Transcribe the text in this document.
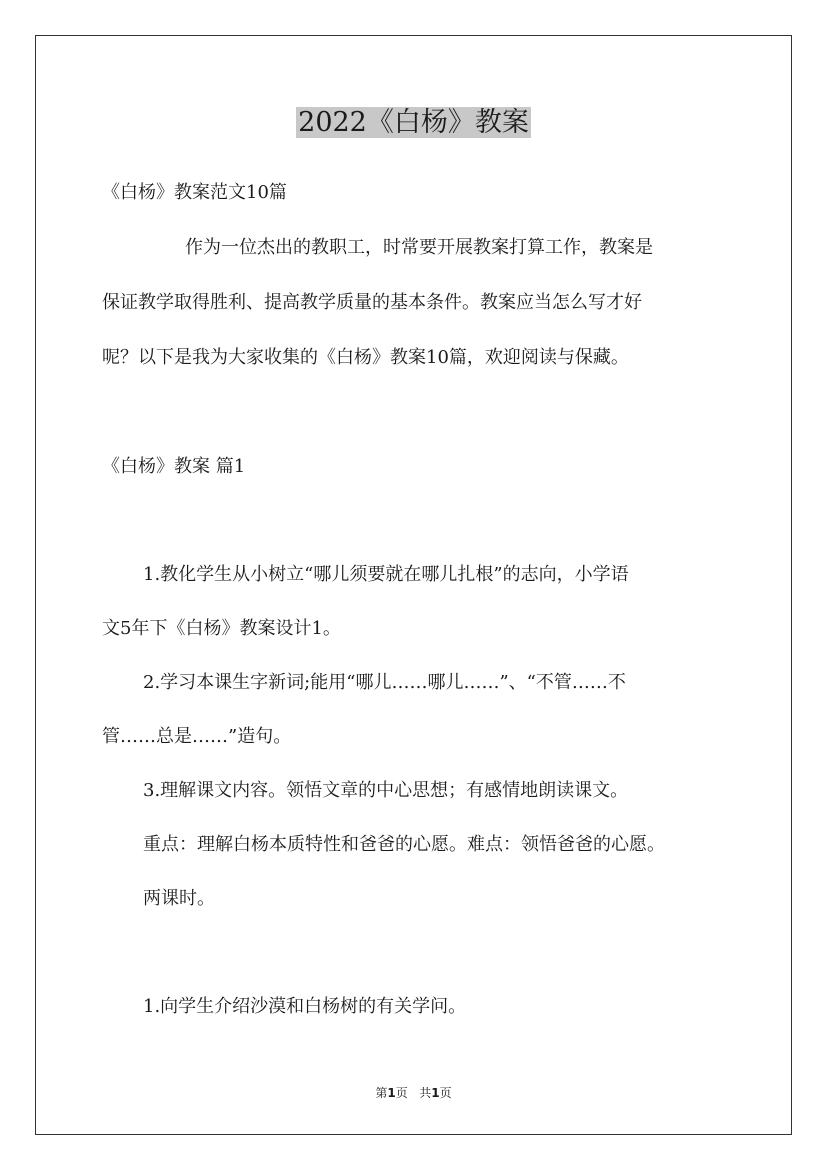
2022《白杨》教案
《白杨》教案范文10篇
作为一位杰出的教职工，时常要开展教案打算工作，教案是
保证教学取得胜利、提高教学质量的基本条件。教案应当怎么写才好
呢？以下是我为大家收集的《白杨》教案10篇，欢迎阅读与保藏。
《白杨》教案 篇1
1.教化学生从小树立“哪儿须要就在哪儿扎根”的志向，小学语
文5年下《白杨》教案设计1。
2.学习本课生字新词;能用“哪儿……哪儿……”、“不管……不
管……总是……”造句。
3.理解课文内容。领悟文章的中心思想；有感情地朗读课文。
重点：理解白杨本质特性和爸爸的心愿。难点：领悟爸爸的心愿。
两课时。
1.向学生介绍沙漠和白杨树的有关学问。
第1页 共1页
